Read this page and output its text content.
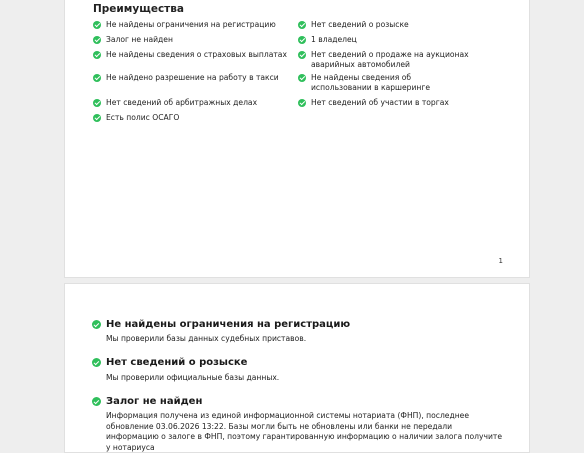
Преимущества
Не найдены ограничения на регистрацию
Залог не найден
Не найдены сведения о страховых выплатах
Не найдено разрешение на работу в такси
Нет сведений об арбитражных делах
Есть полис ОСАГО
Нет сведений о розыске
1 владелец
Нет сведений о продаже на аукционах аварийных автомобилей
Не найдены сведения об использовании в каршеринге
Нет сведений об участии в торгах
1
Не найдены ограничения на регистрацию
Мы проверили базы данных судебных приставов.
Нет сведений о розыске
Мы проверили официальные базы данных.
Залог не найден
Информация получена из единой информационной системы нотариата (ФНП), последнее обновление 03.06.2026 13:22. Базы могли быть не обновлены или банки не передали информацию о залоге в ФНП, поэтому гарантированную информацию о наличии залога получите у нотариуса
